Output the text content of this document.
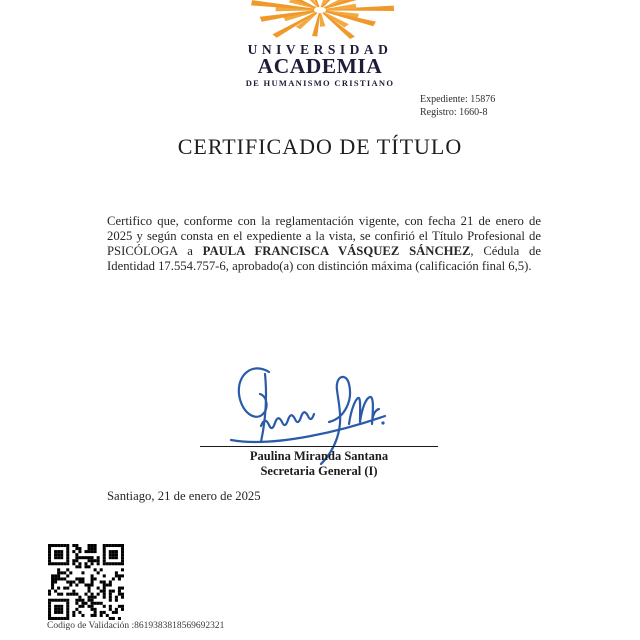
UNIVERSIDAD
ACADEMIA
DE HUMANISMO CRISTIANO
Expediente: 15876
Registro: 1660-8
CERTIFICADO DE TÍTULO

Certifico que, conforme con la reglamentación vigente, con fecha 21 de enero de 2025 y según consta en el expediente a la vista, se confirió el Título Profesional de PSICÓLOGA a PAULA FRANCISCA VÁSQUEZ SÁNCHEZ, Cédula de Identidad 17.554.757-6, aprobado(a) con distinción máxima (calificación final 6,5).

Paulina Miranda Santana
Secretaria General (I)
Santiago, 21 de enero de 2025
Codigo de Validación :8619383818569692321
